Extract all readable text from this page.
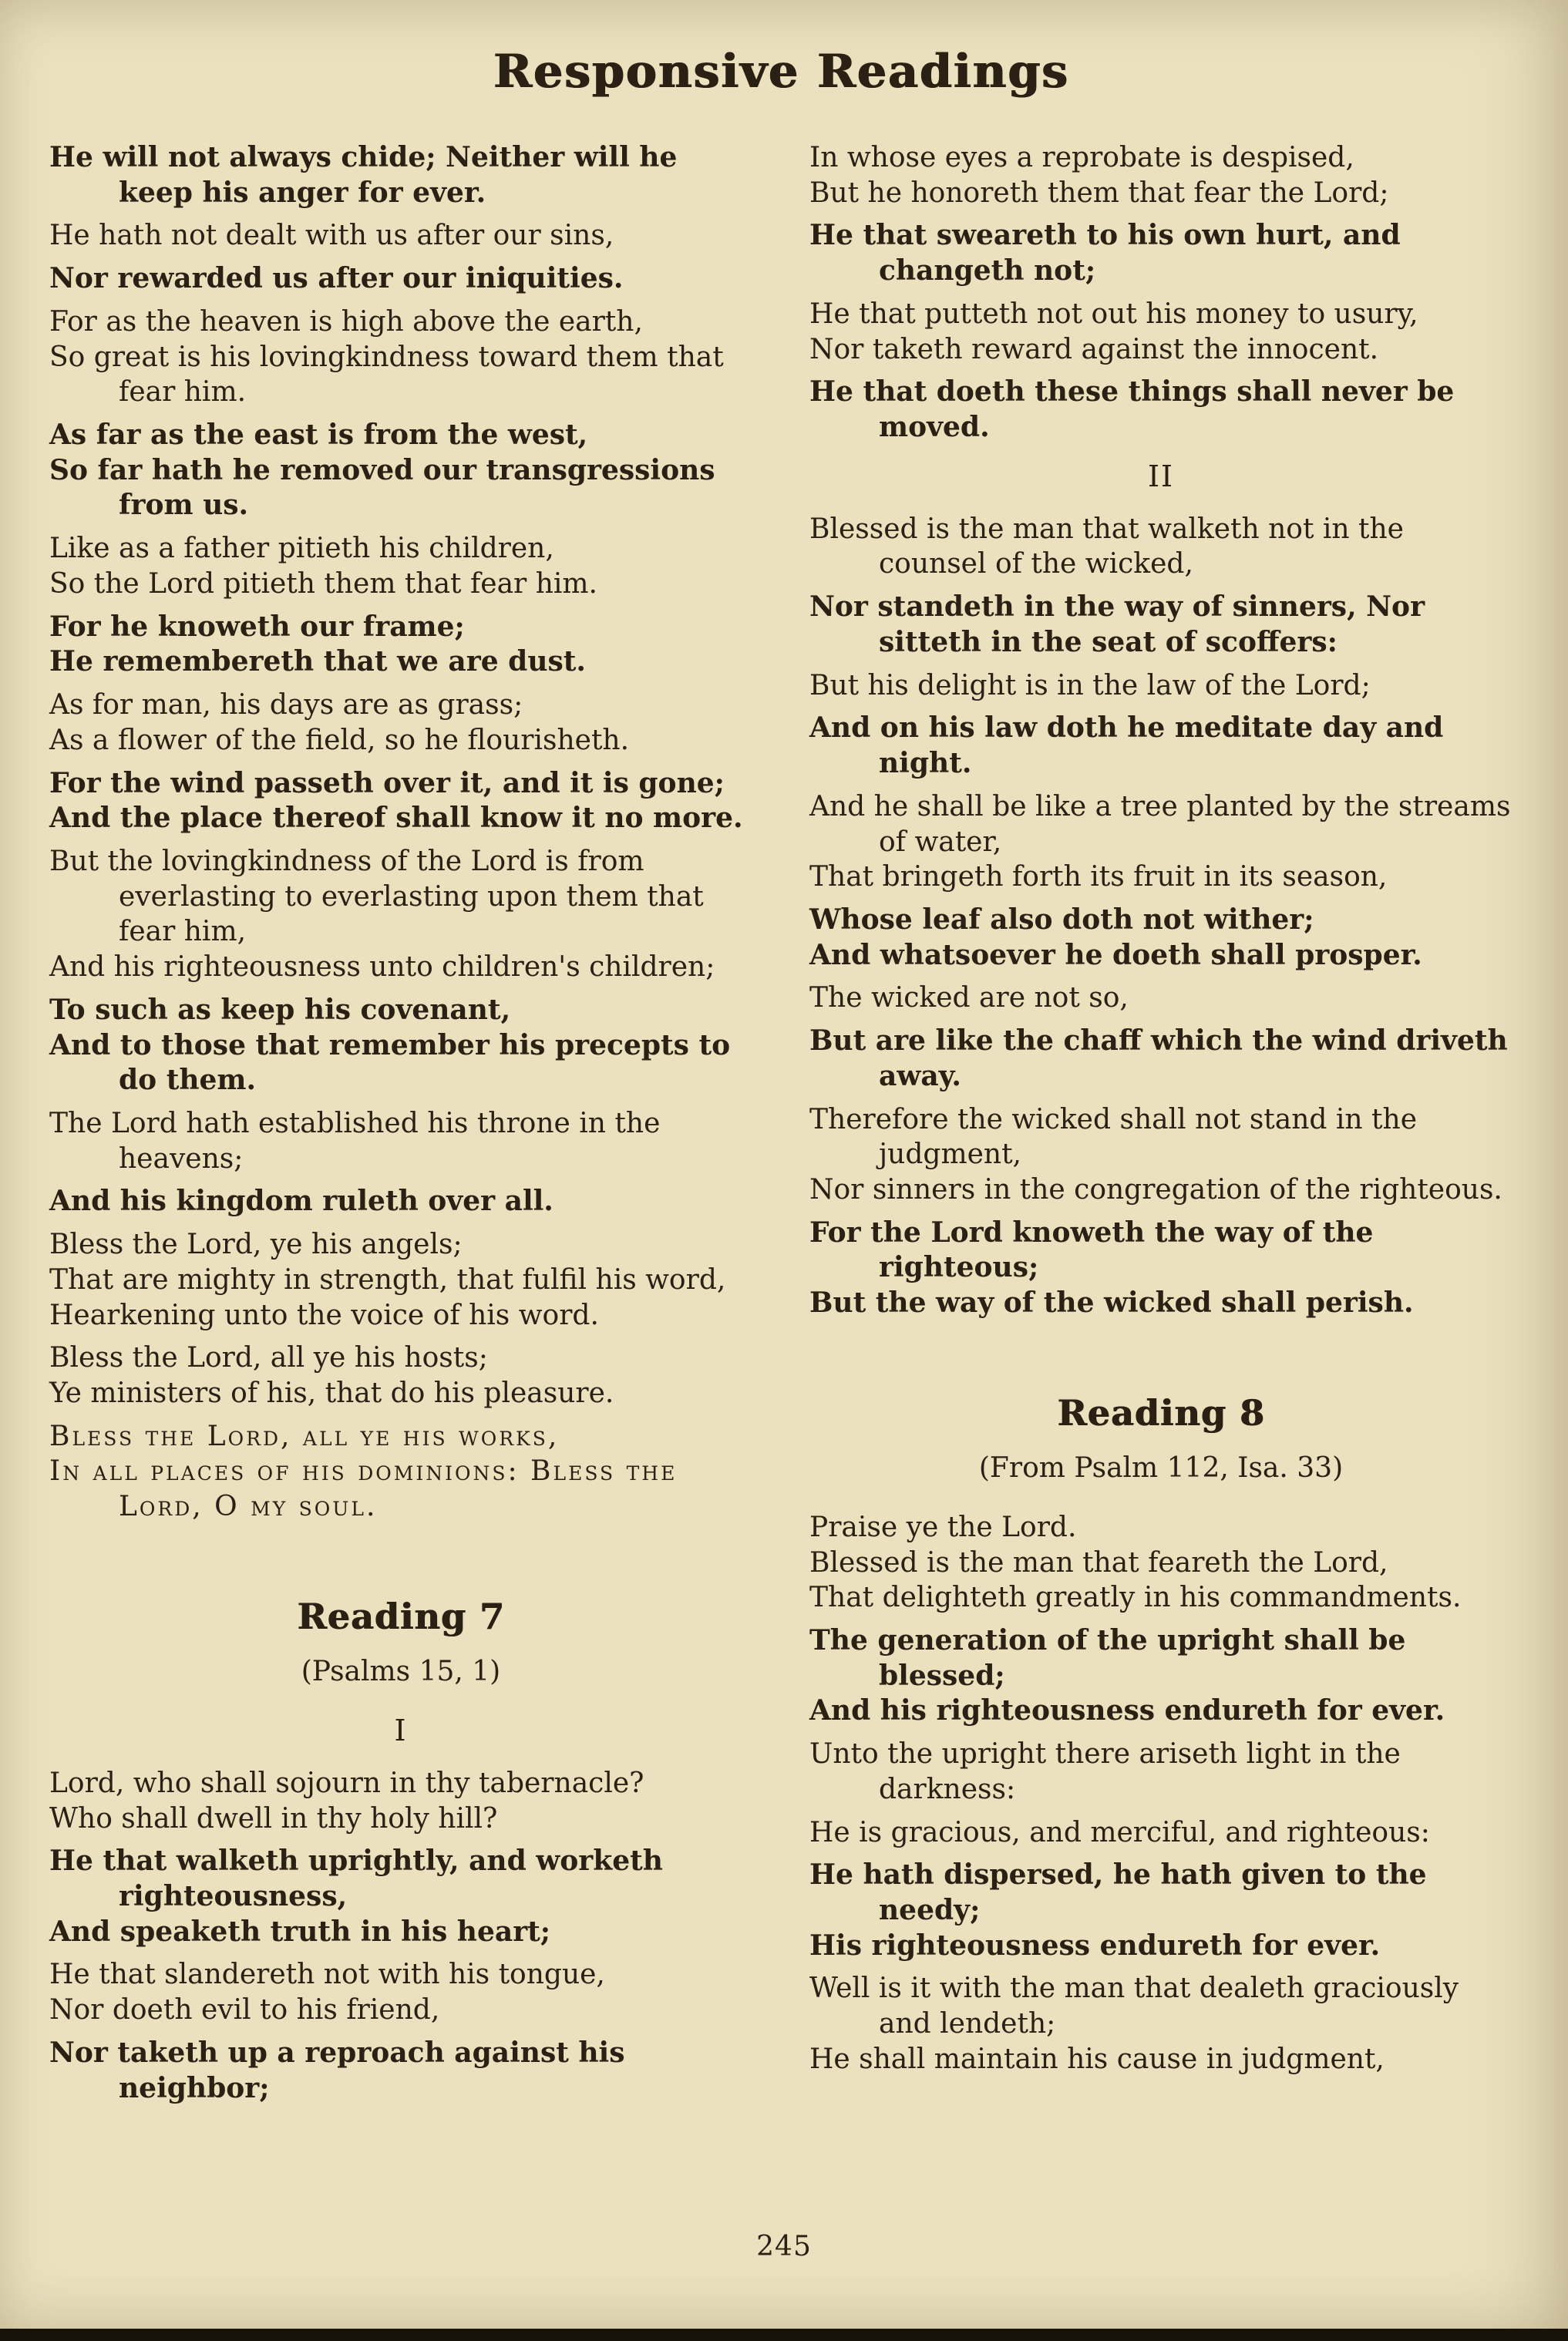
Responsive Readings
He will not always chide; Neither will he keep his anger for ever.
He hath not dealt with us after our sins,
Nor rewarded us after our iniquities.
For as the heaven is high above the earth,
So great is his lovingkindness toward them that fear him.
As far as the east is from the west,
So far hath he removed our transgressions from us.
Like as a father pitieth his children,
So the Lord pitieth them that fear him.
For he knoweth our frame;
He remembereth that we are dust.
As for man, his days are as grass;
As a flower of the field, so he flourisheth.
For the wind passeth over it, and it is gone;
And the place thereof shall know it no more.
But the lovingkindness of the Lord is from everlasting to everlasting upon them that fear him,
And his righteousness unto children's children;
To such as keep his covenant,
And to those that remember his precepts to do them.
The Lord hath established his throne in the heavens;
And his kingdom ruleth over all.
Bless the Lord, ye his angels;
That are mighty in strength, that fulfil his word,
Hearkening unto the voice of his word.
Bless the Lord, all ye his hosts;
Ye ministers of his, that do his pleasure.
Bless the Lord, all ye his works,
In all places of his dominions: Bless the Lord, O my soul.
Reading 7
(Psalms 15, 1)
I
Lord, who shall sojourn in thy tabernacle?
Who shall dwell in thy holy hill?
He that walketh uprightly, and worketh righteousness,
And speaketh truth in his heart;
He that slandereth not with his tongue,
Nor doeth evil to his friend,
Nor taketh up a reproach against his neighbor;
In whose eyes a reprobate is despised,
But he honoreth them that fear the Lord;
He that sweareth to his own hurt, and changeth not;
He that putteth not out his money to usury,
Nor taketh reward against the innocent.
He that doeth these things shall never be moved.
II
Blessed is the man that walketh not in the counsel of the wicked,
Nor standeth in the way of sinners, Nor sitteth in the seat of scoffers:
But his delight is in the law of the Lord;
And on his law doth he meditate day and night.
And he shall be like a tree planted by the streams of water,
That bringeth forth its fruit in its season,
Whose leaf also doth not wither;
And whatsoever he doeth shall prosper.
The wicked are not so,
But are like the chaff which the wind driveth away.
Therefore the wicked shall not stand in the judgment,
Nor sinners in the congregation of the righteous.
For the Lord knoweth the way of the righteous;
But the way of the wicked shall perish.
Reading 8
(From Psalm 112, Isa. 33)
Praise ye the Lord.
Blessed is the man that feareth the Lord,
That delighteth greatly in his commandments.
The generation of the upright shall be blessed;
And his righteousness endureth for ever.
Unto the upright there ariseth light in the darkness:
He is gracious, and merciful, and righteous:
He hath dispersed, he hath given to the needy;
His righteousness endureth for ever.
Well is it with the man that dealeth graciously and lendeth;
He shall maintain his cause in judgment,
245
